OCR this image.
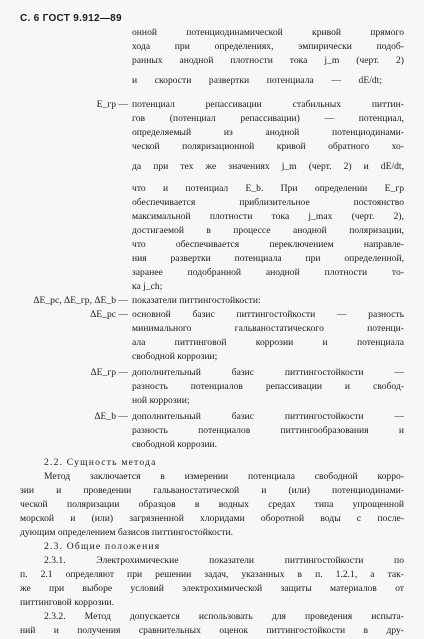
С. 6 ГОСТ 9.912—89
онной потенциодинамической кривой прямого
хода при определениях, эмпирически подоб-
ранных анодной плотности тока j_m (черт. 2)
и скорости развертки потенциала — dE/dt;
E_гр — потенциал репассивации стабильных питтин-
гов (потенциал репассивации) — потенциал,
определяемый из анодной потенциодинами-
ческой поляризационной кривой обратного хо-
да при тех же значениях j_m (черт. 2) и dE/dt,
что и потенциал E_b. При определении E_гр
обеспечивается приблизительное постоянство
максимальной плотности тока j_max (черт. 2),
достигаемой в процессе анодной поляризации,
что обеспечивается переключением направле-
ния развертки потенциала при определенной,
заранее подобранной анодной плотности то-
ка j_ch;
ΔE_pc, ΔE_гр, ΔE_b — показатели питтингостойкости:
ΔE_pc — основной базис питтингостойкости — разность
минимального гальваностатического потенци-
ала питтинговой коррозии и потенциала
свободной коррозии;
ΔE_гр — дополнительный базис питтингостойкости —
разность потенциалов репассивации и свобод-
ной коррозии;
ΔE_b — дополнительный базис питтингостойкости —
разность потенциалов питтингообразования и
свободной коррозии.
2.2. Сущность метода
Метод заключается в измерении потенциала свободной корро-
зии и проведении гальваностатической и (или) потенциодинами-
ческой поляризации образцов в водных средах типа упрощенной
морской и (или) загрязненной хлоридами оборотной воды с после-
дующим определением базисов питтингостойкости.
2.3. Общие положения
2.3.1. Электрохимические показатели питтингостойкости по
п. 2.1 определяют при решении задач, указанных в п. 1.2.1, а так-
же при выборе условий электрохимической защиты материалов от
питтинговой коррозии.
2.3.2. Метод допускается использовать для проведения испыта-
ний и получения сравнительных оценок питтингостойкости в дру-
